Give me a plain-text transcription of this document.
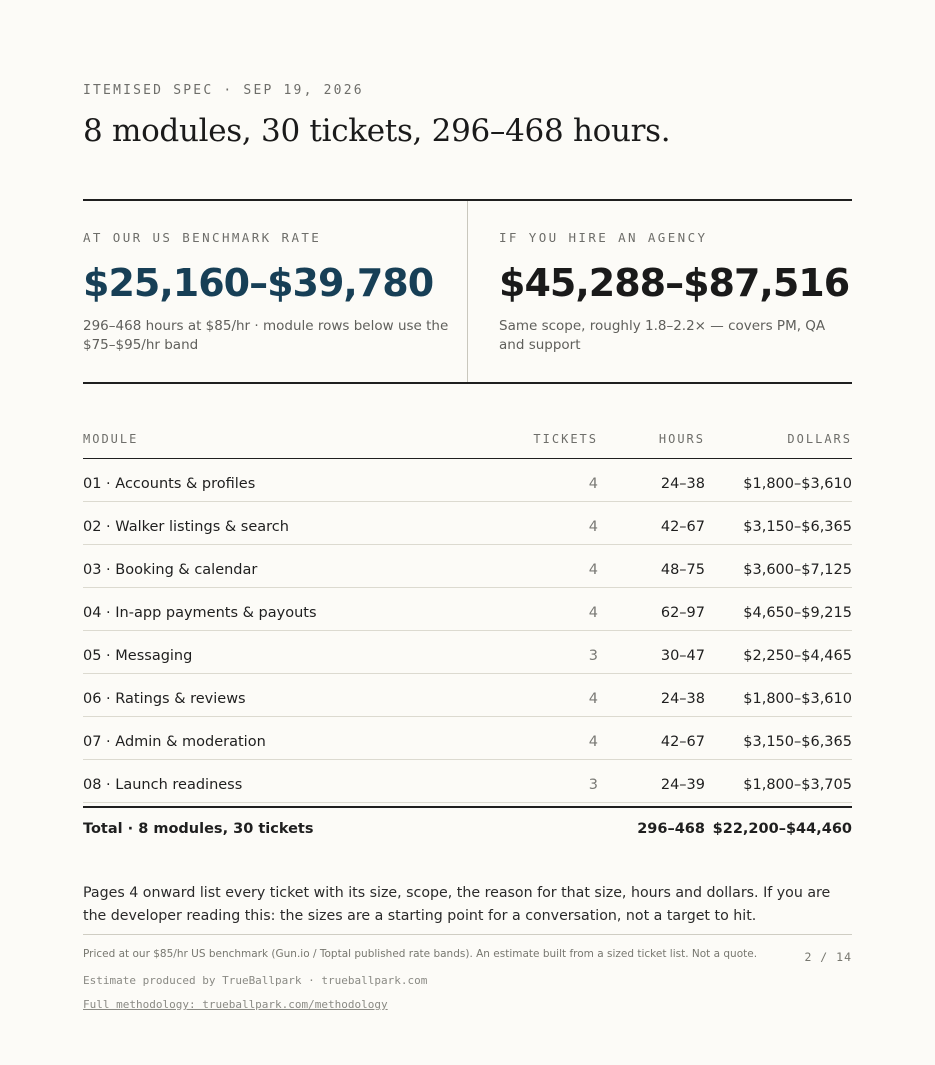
ITEMISED SPEC · SEP 19, 2026
8 modules, 30 tickets, 296–468 hours.
AT OUR US BENCHMARK RATE
$25,160–$39,780
296–468 hours at $85/hr · module rows below use the $75–$95/hr band
IF YOU HIRE AN AGENCY
$45,288–$87,516
Same scope, roughly 1.8–2.2× — covers PM, QA and support
MODULE	TICKETS	HOURS	DOLLARS
01 · Accounts & profiles	4	24–38	$1,800–$3,610
02 · Walker listings & search	4	42–67	$3,150–$6,365
03 · Booking & calendar	4	48–75	$3,600–$7,125
04 · In-app payments & payouts	4	62–97	$4,650–$9,215
05 · Messaging	3	30–47	$2,250–$4,465
06 · Ratings & reviews	4	24–38	$1,800–$3,610
07 · Admin & moderation	4	42–67	$3,150–$6,365
08 · Launch readiness	3	24–39	$1,800–$3,705
Total · 8 modules, 30 tickets	296–468 $22,200–$44,460
Pages 4 onward list every ticket with its size, scope, the reason for that size, hours and dollars. If you are the developer reading this: the sizes are a starting point for a conversation, not a target to hit.
Priced at our $85/hr US benchmark (Gun.io / Toptal published rate bands). An estimate built from a sized ticket list. Not a quote.	2 / 14
Estimate produced by TrueBallpark · trueballpark.com
Full methodology: trueballpark.com/methodology
